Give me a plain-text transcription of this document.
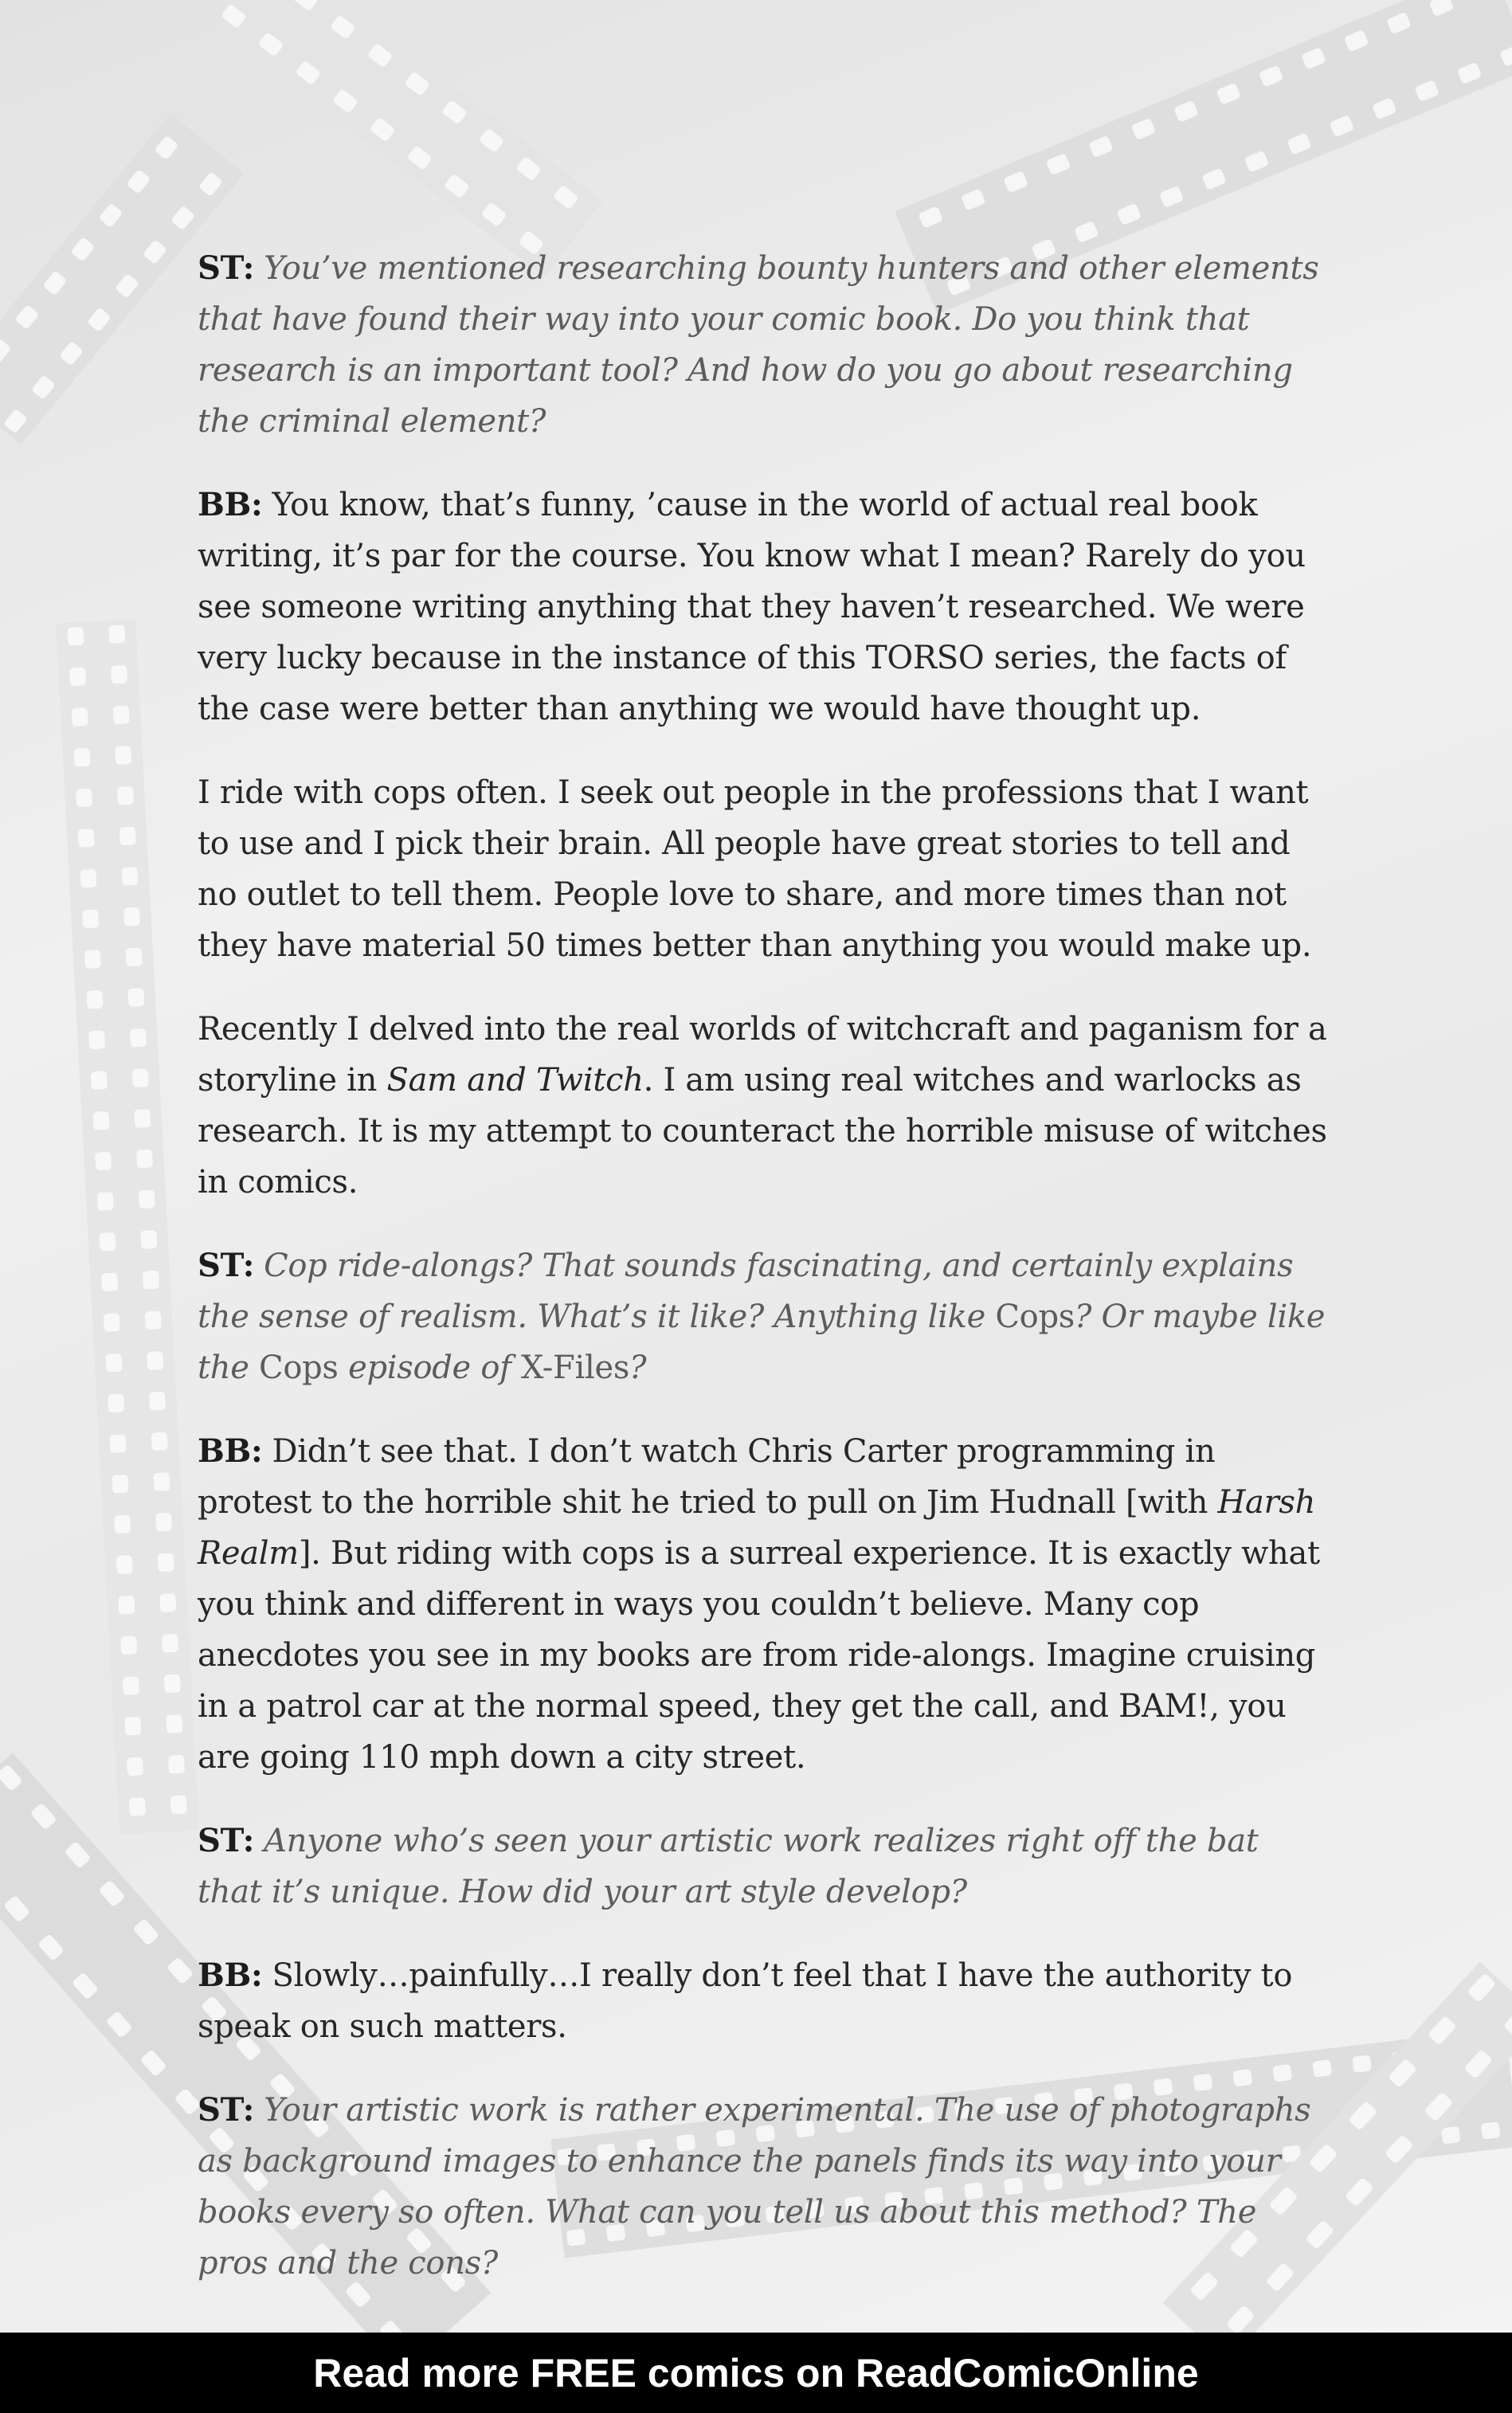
ST: You’ve mentioned researching bounty hunters and other elements that have found their way into your comic book. Do you think that research is an important tool? And how do you go about researching the criminal element?

BB: You know, that’s funny, ’cause in the world of actual real book writing, it’s par for the course. You know what I mean? Rarely do you see someone writing anything that they haven’t researched. We were very lucky because in the instance of this TORSO series, the facts of the case were better than anything we would have thought up.

I ride with cops often. I seek out people in the professions that I want to use and I pick their brain. All people have great stories to tell and no outlet to tell them. People love to share, and more times than not they have material 50 times better than anything you would make up.

Recently I delved into the real worlds of witchcraft and paganism for a storyline in Sam and Twitch. I am using real witches and warlocks as research. It is my attempt to counteract the horrible misuse of witches in comics.

ST: Cop ride-alongs? That sounds fascinating, and certainly explains the sense of realism. What’s it like? Anything like Cops? Or maybe like the Cops episode of X-Files?

BB: Didn’t see that. I don’t watch Chris Carter programming in protest to the horrible shit he tried to pull on Jim Hudnall [with Harsh Realm]. But riding with cops is a surreal experience. It is exactly what you think and different in ways you couldn’t believe. Many cop anecdotes you see in my books are from ride-alongs. Imagine cruising in a patrol car at the normal speed, they get the call, and BAM!, you are going 110 mph down a city street.

ST: Anyone who’s seen your artistic work realizes right off the bat that it’s unique. How did your art style develop?

BB: Slowly…painfully…I really don’t feel that I have the authority to speak on such matters.

ST: Your artistic work is rather experimental. The use of photographs as background images to enhance the panels finds its way into your books every so often. What can you tell us about this method? The pros and the cons?

Read more FREE comics on ReadComicOnline
